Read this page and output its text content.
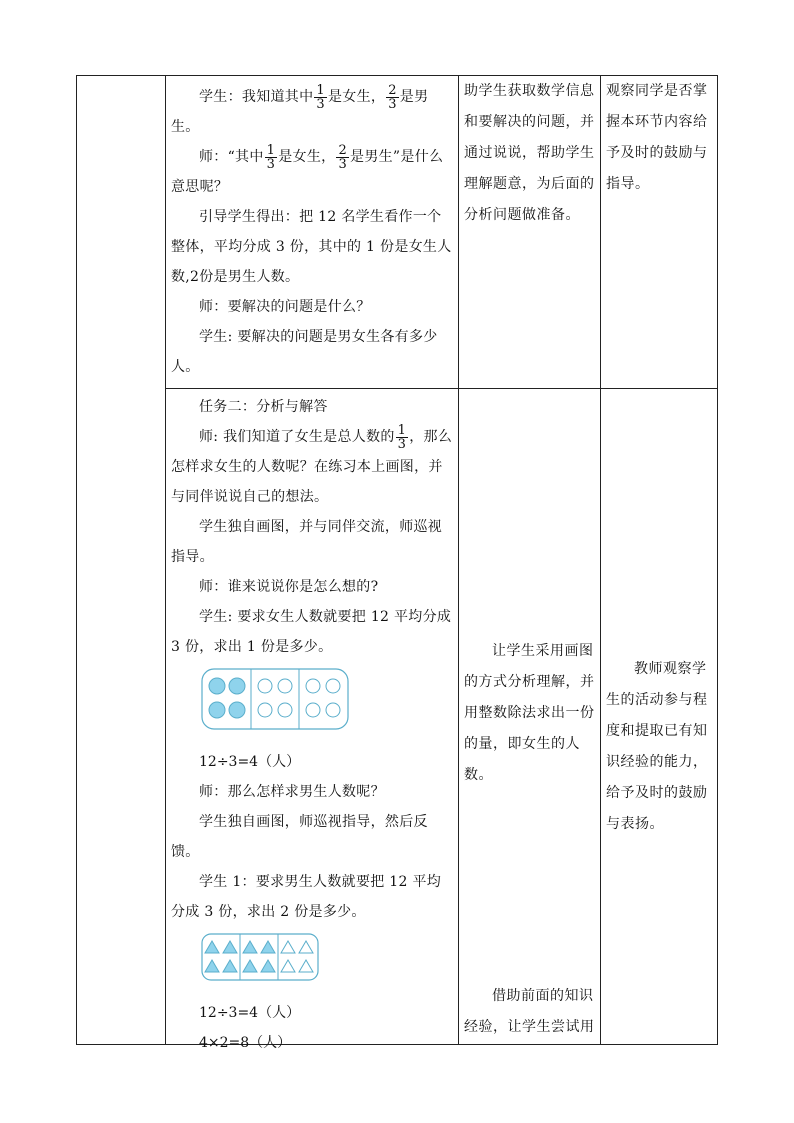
学生：我知道其中 $\frac{1}{3}$ 是女生， $\frac{2}{3}$ 是男生。

师：“其中 $\frac{1}{3}$ 是女生， $\frac{2}{3}$ 是男生”是什么意思呢？

引导学生得出：把 12 名学生看作一个整体，平均分成 3 份，其中的 1 份是女生人数,2份是男生人数。

师：要解决的问题是什么？

学生: 要解决的问题是男女生各有多少人。

助学生获取数学信息和要解决的问题，并通过说说，帮助学生理解题意，为后面的分析问题做准备。
观察同学是否掌握本环节内容给予及时的鼓励与指导。

任务二：分析与解答

师: 我们知道了女生是总人数的 $\frac{1}{3}$ ，那么怎样求女生的人数呢？在练习本上画图，并与同伴说说自己的想法。

学生独自画图，并与同伴交流，师巡视指导。

师：谁来说说你是怎么想的?

学生: 要求女生人数就要把 12 平均分成 3 份，求出 1 份是多少。

12÷3=4（人）

师：那么怎样求男生人数呢？

学生独自画图，师巡视指导，然后反馈。

学生 1：要求男生人数就要把 12 平均分成 3 份，求出 2 份是多少。

12÷3=4（人）

4×2=8（人）

让学生采用画图的方式分析理解，并用整数除法求出一份的量，即女生的人数。
借助前面的知识经验，让学生尝试用
教师观察学生的活动参与程度和提取已有知识经验的能力，给予及时的鼓励与表扬。
